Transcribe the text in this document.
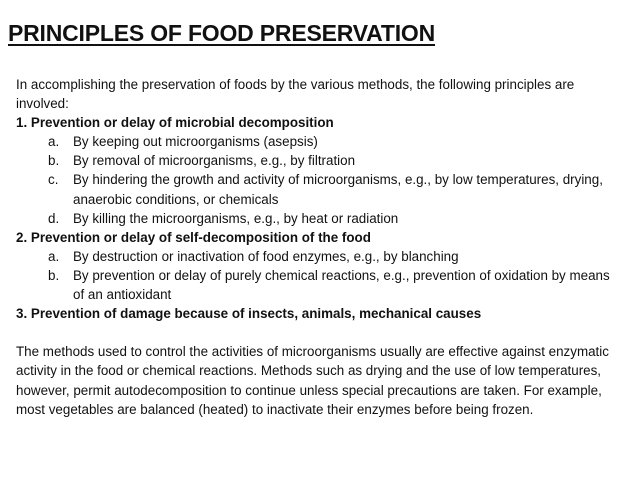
PRINCIPLES OF FOOD PRESERVATION

In accomplishing the preservation of foods by the various methods, the following principles are involved:

1. Prevention or delay of microbial decomposition

a.	By keeping out microorganisms (asepsis)
b.	By removal of microorganisms, e.g., by filtration
c.	By hindering the growth and activity of microorganisms, e.g., by low temperatures, drying, anaerobic conditions, or chemicals
d.	By killing the microorganisms, e.g., by heat or radiation

2. Prevention or delay of self-decomposition of the food

a.	By destruction or inactivation of food enzymes, e.g., by blanching
b.	By prevention or delay of purely chemical reactions, e.g., prevention of oxidation by means of an antioxidant

3. Prevention of damage because of insects, animals, mechanical causes

The methods used to control the activities of microorganisms usually are effective against enzymatic activity in the food or chemical reactions. Methods such as drying and the use of low temperatures, however, permit autodecomposition to continue unless special precautions are taken. For example, most vegetables are balanced (heated) to inactivate their enzymes before being frozen.
